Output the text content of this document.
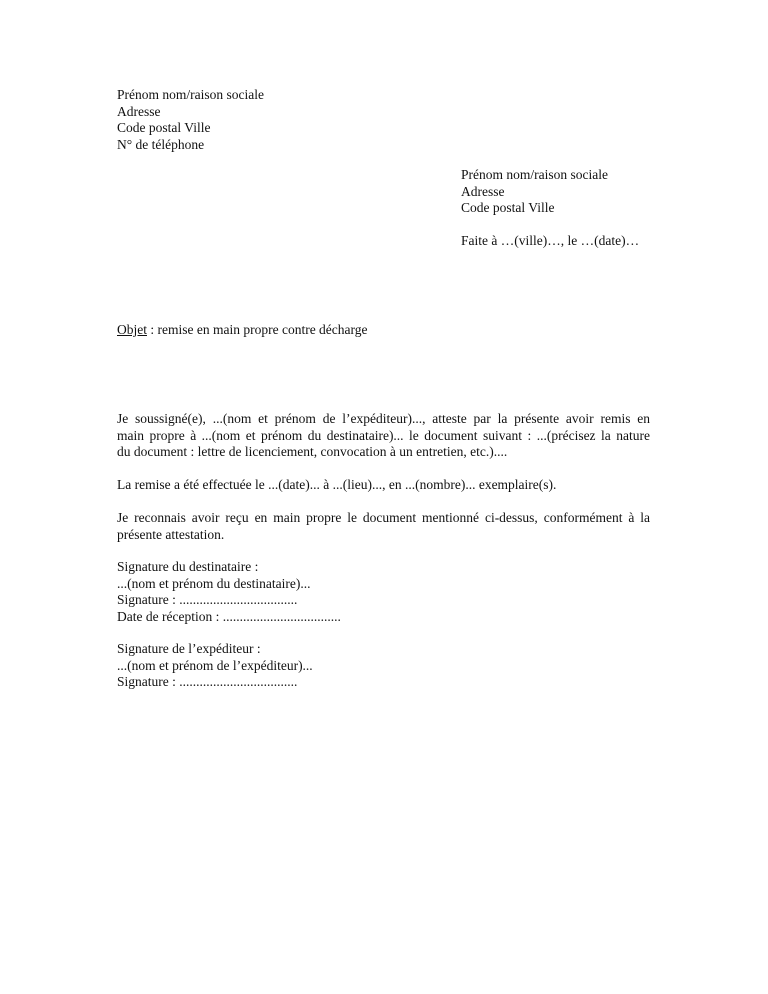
Prénom nom/raison sociale
Adresse
Code postal Ville
N° de téléphone
Prénom nom/raison sociale
Adresse
Code postal Ville
Faite à …(ville)…, le …(date)…
Objet : remise en main propre contre décharge
Je soussigné(e), ...(nom et prénom de l’expéditeur)..., atteste par la présente avoir remis en
main propre à ...(nom et prénom du destinataire)... le document suivant : ...(précisez la nature
du document : lettre de licenciement, convocation à un entretien, etc.)....
La remise a été effectuée le ...(date)... à ...(lieu)..., en ...(nombre)... exemplaire(s).
Je reconnais avoir reçu en main propre le document mentionné ci-dessus, conformément à la
présente attestation.
Signature du destinataire :
...(nom et prénom du destinataire)...
Signature : ...................................
Date de réception : ...................................
Signature de l’expéditeur :
...(nom et prénom de l’expéditeur)...
Signature : ...................................
